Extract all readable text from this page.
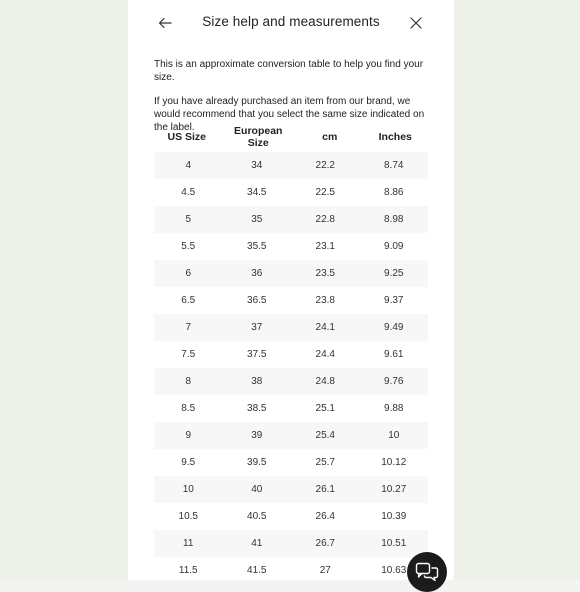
Size help and measurements

This is an approximate conversion table to help you find your size.

If you have already purchased an item from our brand, we would recommend that you select the same size indicated on the label.

US Size	European Size	cm	Inches
4	34	22.2	8.74
4.5	34.5	22.5	8.86
5	35	22.8	8.98
5.5	35.5	23.1	9.09
6	36	23.5	9.25
6.5	36.5	23.8	9.37
7	37	24.1	9.49
7.5	37.5	24.4	9.61
8	38	24.8	9.76
8.5	38.5	25.1	9.88
9	39	25.4	10
9.5	39.5	25.7	10.12
10	40	26.1	10.27
10.5	40.5	26.4	10.39
11	41	26.7	10.51
11.5	41.5	27	10.63
